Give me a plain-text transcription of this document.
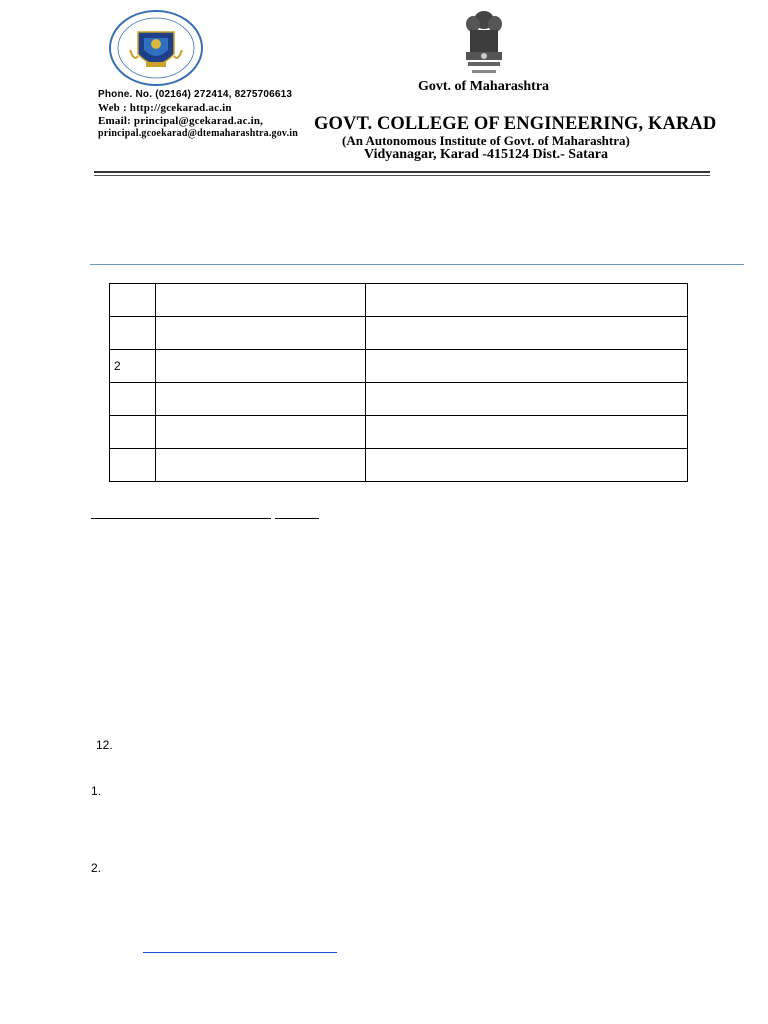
Phone. No. (02164) 272414, 8275706613
Web : http://gcekarad.ac.in
Email: principal@gcekarad.ac.in,
principal.gcoekarad@dtemaharashtra.gov.in
Govt. of Maharashtra
GOVT. COLLEGE OF ENGINEERING, KARAD
(An Autonomous Institute of Govt. of Maharashtra)
Vidyanagar, Karad -415124 Dist.- Satara

2		

12.
1.
2.
